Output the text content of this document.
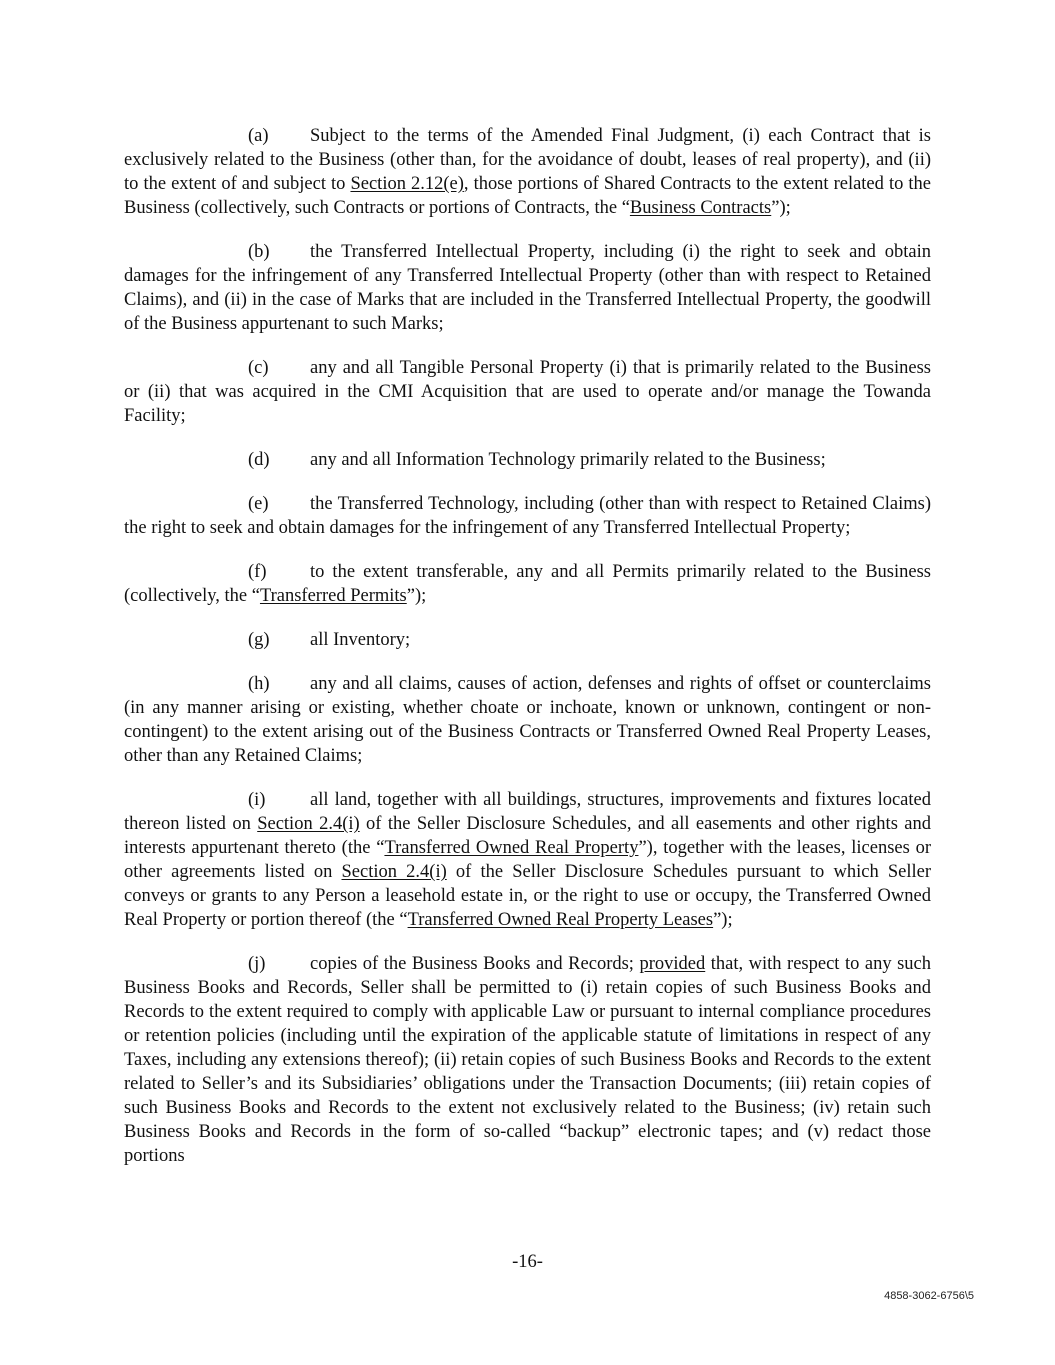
(a) Subject to the terms of the Amended Final Judgment, (i) each Contract that is exclusively related to the Business (other than, for the avoidance of doubt, leases of real property), and (ii) to the extent of and subject to Section 2.12(e), those portions of Shared Contracts to the extent related to the Business (collectively, such Contracts or portions of Contracts, the “Business Contracts”);

(b) the Transferred Intellectual Property, including (i) the right to seek and obtain damages for the infringement of any Transferred Intellectual Property (other than with respect to Retained Claims), and (ii) in the case of Marks that are included in the Transferred Intellectual Property, the goodwill of the Business appurtenant to such Marks;

(c) any and all Tangible Personal Property (i) that is primarily related to the Business or (ii) that was acquired in the CMI Acquisition that are used to operate and/or manage the Towanda Facility;

(d) any and all Information Technology primarily related to the Business;

(e) the Transferred Technology, including (other than with respect to Retained Claims) the right to seek and obtain damages for the infringement of any Transferred Intellectual Property;

(f) to the extent transferable, any and all Permits primarily related to the Business (collectively, the “Transferred Permits”);

(g) all Inventory;

(h) any and all claims, causes of action, defenses and rights of offset or counterclaims (in any manner arising or existing, whether choate or inchoate, known or unknown, contingent or non-contingent) to the extent arising out of the Business Contracts or Transferred Owned Real Property Leases, other than any Retained Claims;

(i) all land, together with all buildings, structures, improvements and fixtures located thereon listed on Section 2.4(i) of the Seller Disclosure Schedules, and all easements and other rights and interests appurtenant thereto (the “Transferred Owned Real Property”), together with the leases, licenses or other agreements listed on Section 2.4(i) of the Seller Disclosure Schedules pursuant to which Seller conveys or grants to any Person a leasehold estate in, or the right to use or occupy, the Transferred Owned Real Property or portion thereof (the “Transferred Owned Real Property Leases”);

(j) copies of the Business Books and Records; provided that, with respect to any such Business Books and Records, Seller shall be permitted to (i) retain copies of such Business Books and Records to the extent required to comply with applicable Law or pursuant to internal compliance procedures or retention policies (including until the expiration of the applicable statute of limitations in respect of any Taxes, including any extensions thereof); (ii) retain copies of such Business Books and Records to the extent related to Seller’s and its Subsidiaries’ obligations under the Transaction Documents; (iii) retain copies of such Business Books and Records to the extent not exclusively related to the Business; (iv) retain such Business Books and Records in the form of so-called “backup” electronic tapes; and (v) redact those portions

-16-
4858-3062-6756\5
